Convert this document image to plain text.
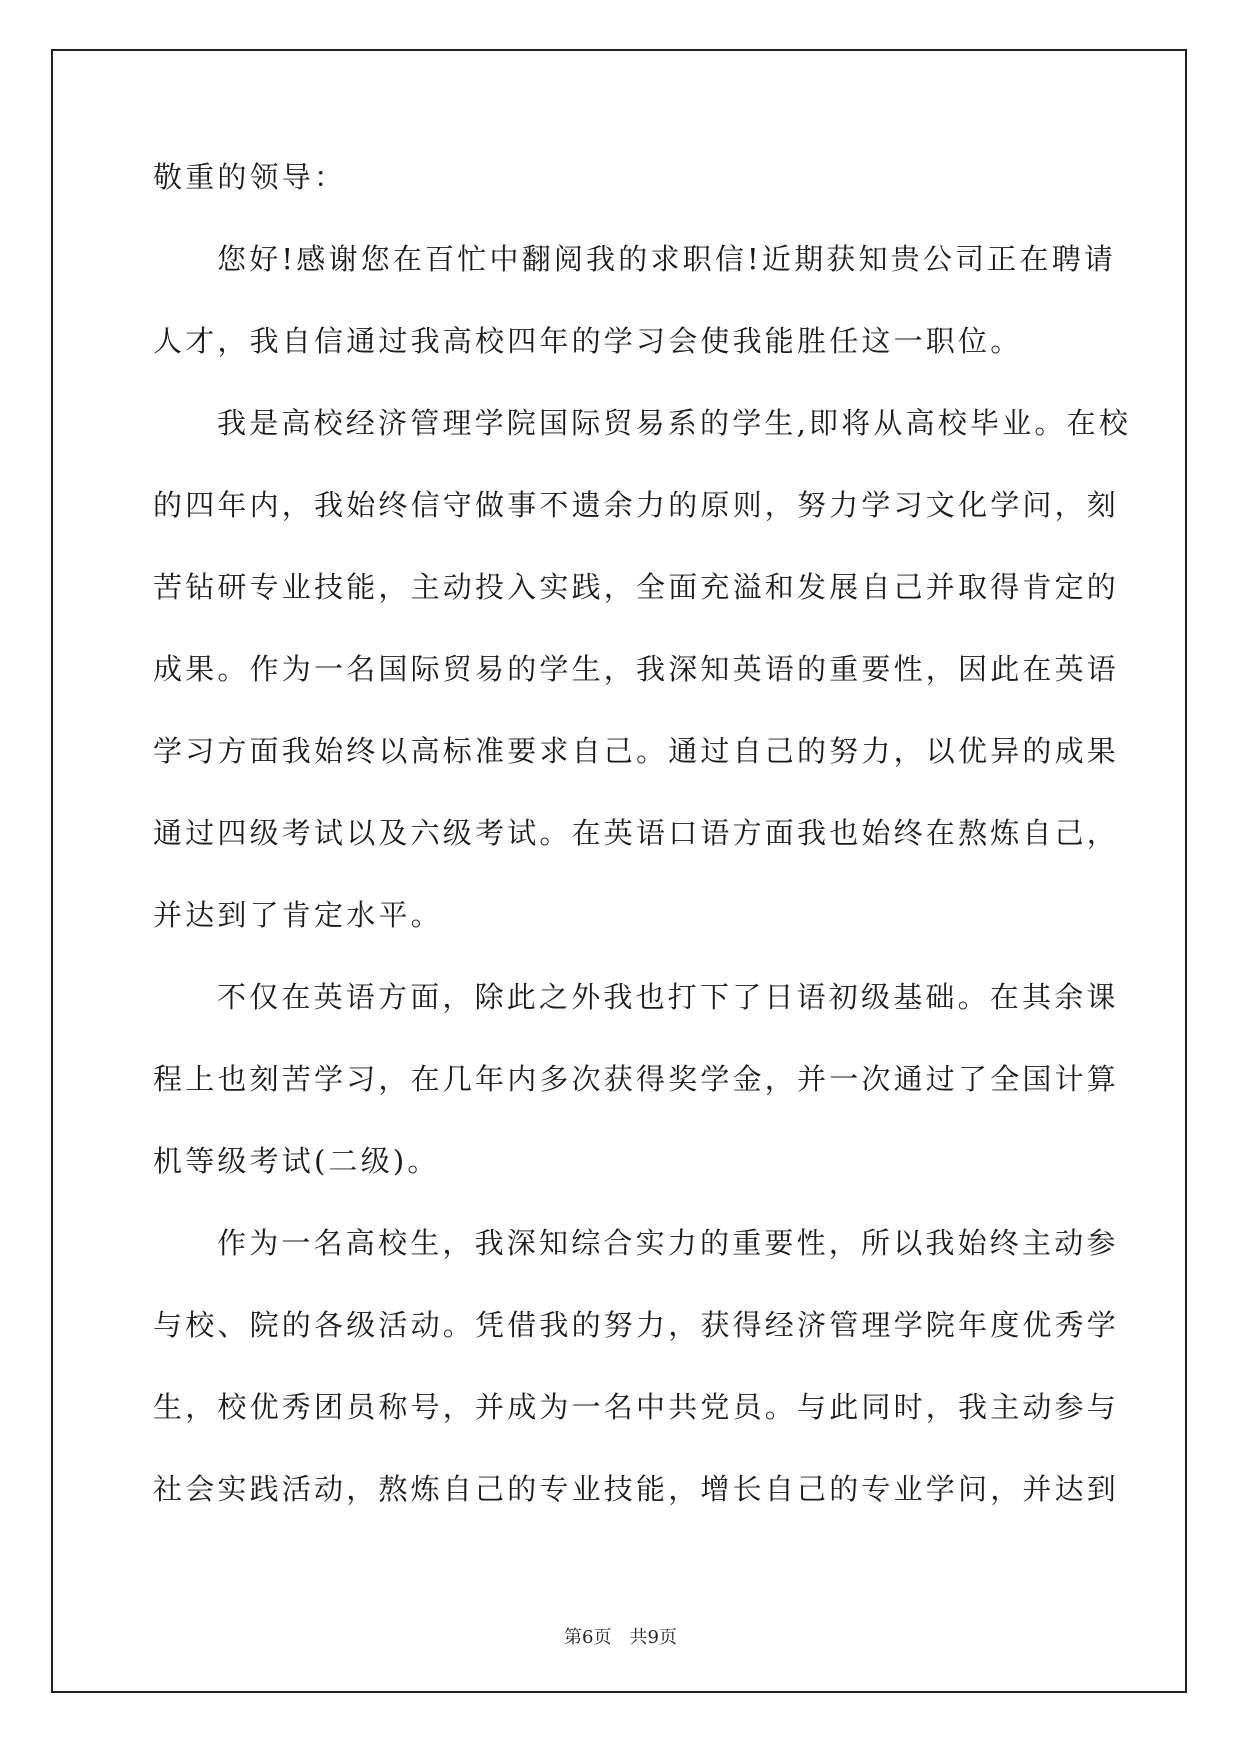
敬重的领导：
您好!感谢您在百忙中翻阅我的求职信!近期获知贵公司正在聘请
人才，我自信通过我高校四年的学习会使我能胜任这一职位。
我是高校经济管理学院国际贸易系的学生,即将从高校毕业。在校
的四年内，我始终信守做事不遗余力的原则，努力学习文化学问，刻
苦钻研专业技能，主动投入实践，全面充溢和发展自己并取得肯定的
成果。作为一名国际贸易的学生，我深知英语的重要性，因此在英语
学习方面我始终以高标准要求自己。通过自己的努力，以优异的成果
通过四级考试以及六级考试。在英语口语方面我也始终在熬炼自己，
并达到了肯定水平。
不仅在英语方面，除此之外我也打下了日语初级基础。在其余课
程上也刻苦学习，在几年内多次获得奖学金，并一次通过了全国计算
机等级考试(二级)。
作为一名高校生，我深知综合实力的重要性，所以我始终主动参
与校、院的各级活动。凭借我的努力，获得经济管理学院年度优秀学
生，校优秀团员称号，并成为一名中共党员。与此同时，我主动参与
社会实践活动，熬炼自己的专业技能，增长自己的专业学问，并达到
第6页 共9页
